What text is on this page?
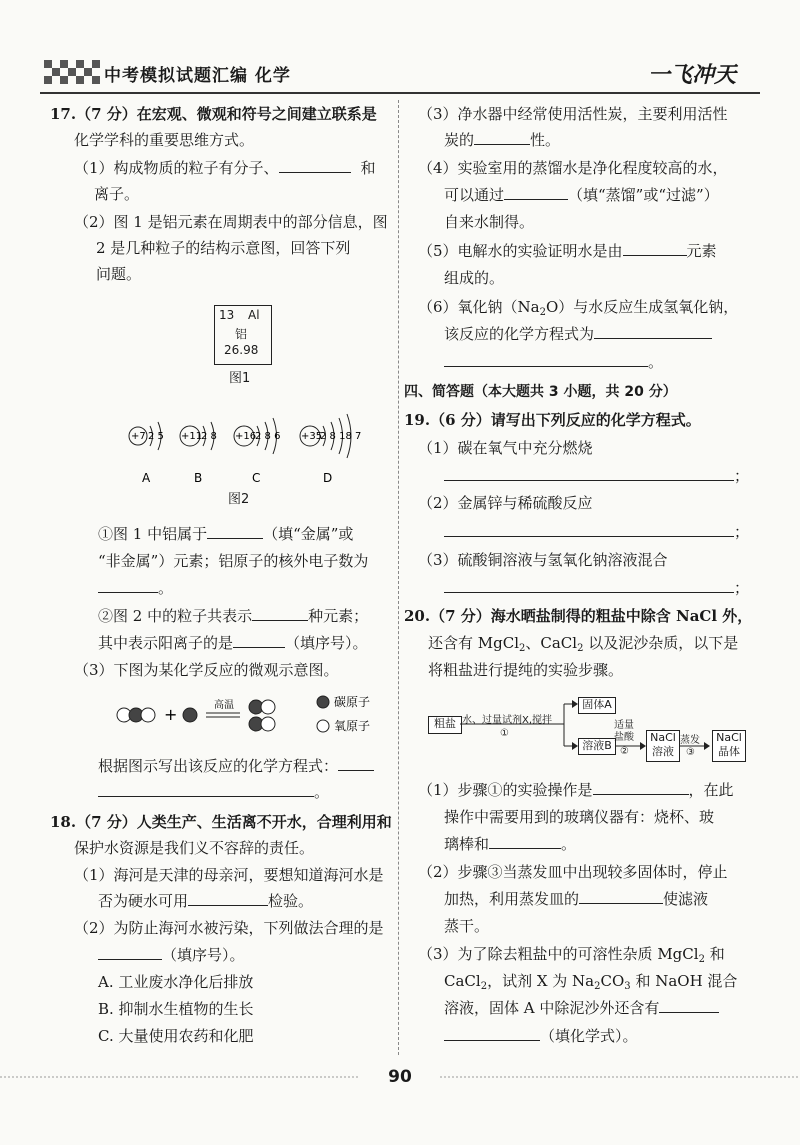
中考模拟试题汇编 化学	一飞冲天
17.（7 分）在宏观、微观和符号之间建立联系是
化学学科的重要思维方式。
（1）构成物质的粒子有分子、	和
离子。
（2）图 1 是铝元素在周期表中的部分信息，图
2 是几种粒子的结构示意图，回答下列
问题。
13 Al
铝
26.98
图1
+7 2 5
A
+11
2 8
B
+16
2 8 6
C
+35
2 8 18 7
D
图2
①图 1 中铝属于	（填“金属”或
“非金属”）元素；铝原子的核外电子数为
。
②图 2 中的粒子共表示	种元素；
其中表示阳离子的是	（填序号）。
（3）下图为某化学反应的微观示意图。
+	高温	碳原子
氧原子
根据图示写出该反应的化学方程式：
。
18.（7 分）人类生产、生活离不开水，合理利用和
保护水资源是我们义不容辞的责任。
（1）海河是天津的母亲河，要想知道海河水是
否为硬水可用	检验。
（2）为防止海河水被污染，下列做法合理的是
（填序号）。
A. 工业废水净化后排放
B. 抑制水生植物的生长
C. 大量使用农药和化肥
（3）净水器中经常使用活性炭，主要利用活性
炭的	性。
（4）实验室用的蒸馏水是净化程度较高的水，
可以通过	（填“蒸馏”或“过滤”）
自来水制得。
（5）电解水的实验证明水是由	元素
组成的。
（6）氧化钠$(Na_2O)$与水反应生成氢氧化钠，
该反应的化学方程式为
。
四、简答题（本大题共 3 小题，共 20 分）
19.（6 分）请写出下列反应的化学方程式。
（1）碳在氧气中充分燃烧
；
（2）金属锌与稀硫酸反应
；
（3）硫酸铜溶液与氢氧化钠溶液混合
；
20.（7 分）海水晒盐制得的粗盐中除含 NaCl 外，
还含有 MgCl$_2$、CaCl$_2$ 以及泥沙杂质，以下是
将粗盐进行提纯的实验步骤。
粗盐 水、过量试剂X,搅拌
①
固体A
溶液B
适量
盐酸
②
NaCl
溶液
蒸发
③
NaCl
晶体
（1）步骤①的实验操作是	，在此
操作中需要用到的玻璃仪器有：烧杯、玻
璃棒和	。
（2）步骤③当蒸发皿中出现较多固体时，停止
加热，利用蒸发皿的	使滤液
蒸干。
（3）为了除去粗盐中的可溶性杂质 MgCl$_2$ 和
CaCl$_2$，试剂 X 为 $Na_2CO_3$ 和 NaOH 混合
溶液，固体 A 中除泥沙外还含有
（填化学式）。
90
